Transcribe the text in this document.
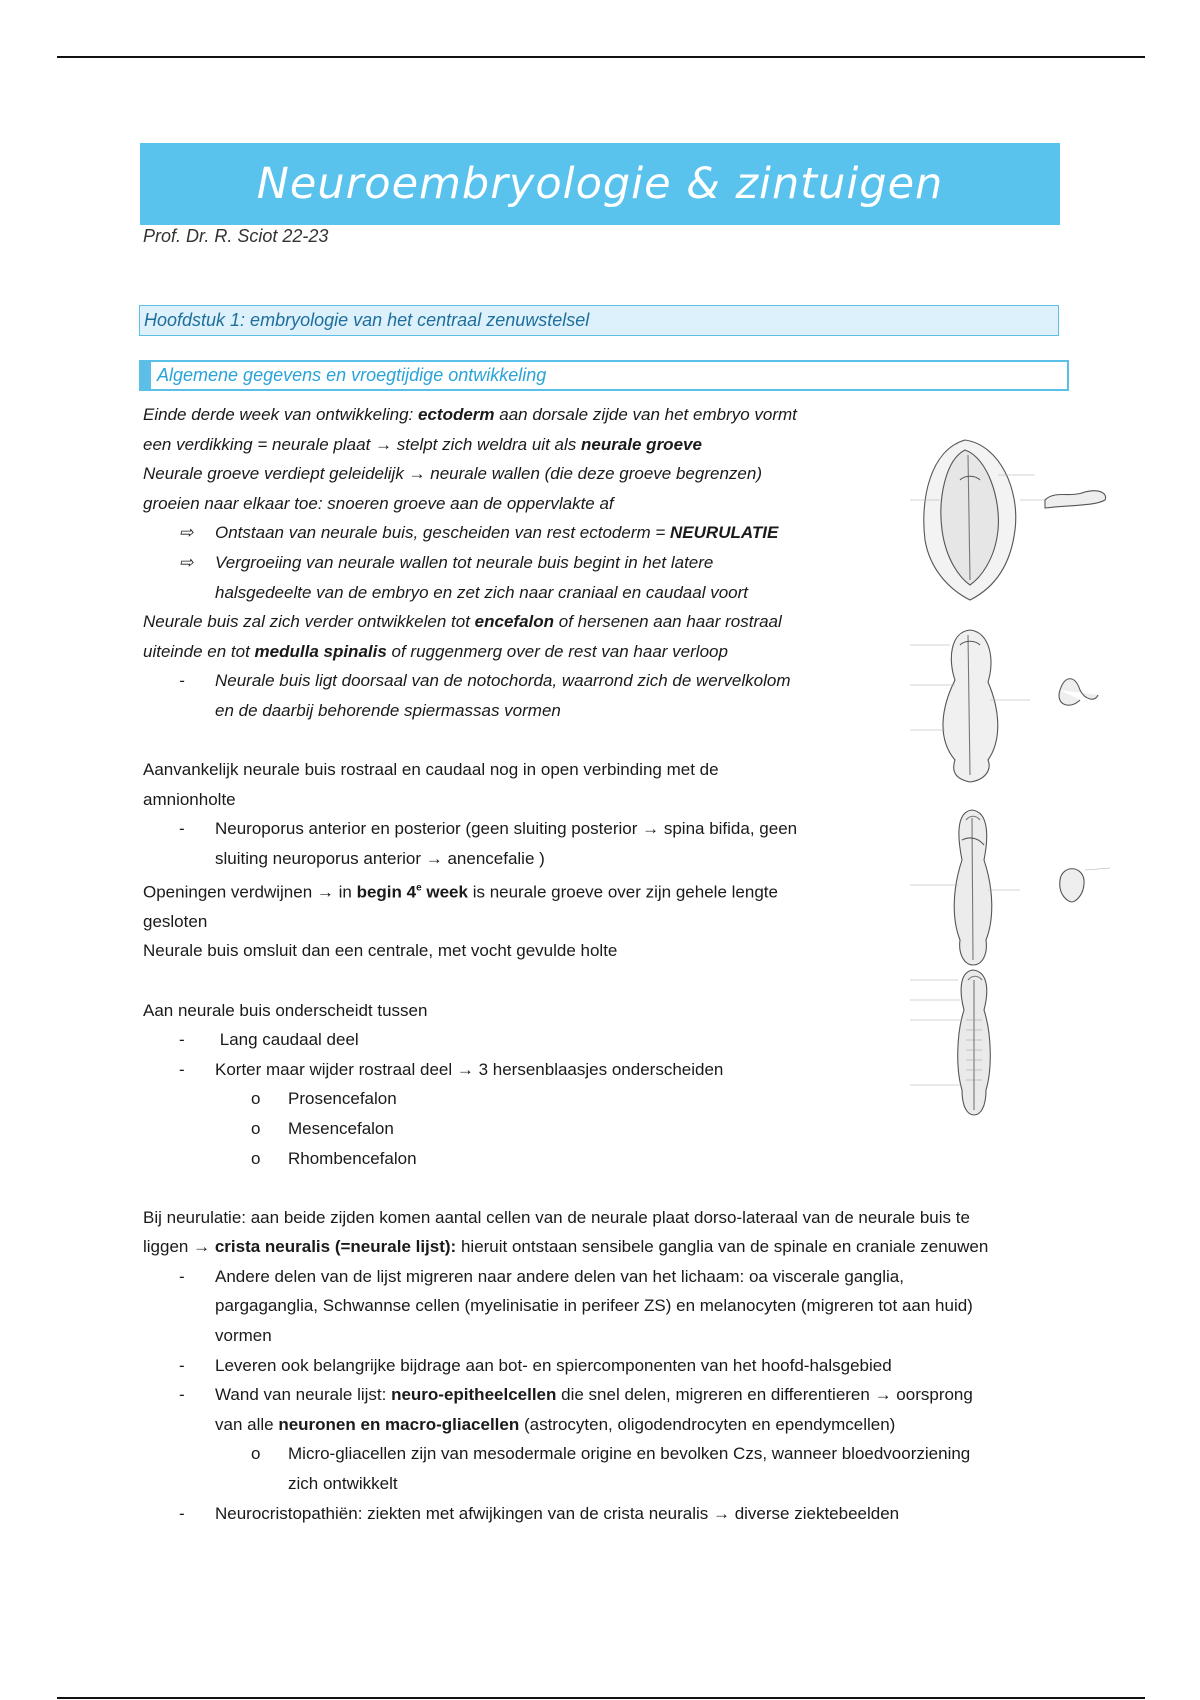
Neuroembryologie & zintuigen
Prof. Dr. R. Sciot 22-23
Hoofdstuk 1: embryologie van het centraal zenuwstelsel
Algemene gegevens en vroegtijdige ontwikkeling
Einde derde week van ontwikkeling: ectoderm aan dorsale zijde van het embryo vormt
een verdikking = neurale plaat → stelpt zich weldra uit als neurale groeve
Neurale groeve verdiept geleidelijk → neurale wallen (die deze groeve begrenzen)
groeien naar elkaar toe: snoeren groeve aan de oppervlakte af
⇨	Ontstaan van neurale buis, gescheiden van rest ectoderm = NEURULATIE
⇨	Vergroeiing van neurale wallen tot neurale buis begint in het latere
halsgedeelte van de embryo en zet zich naar craniaal en caudaal voort
Neurale buis zal zich verder ontwikkelen tot encefalon of hersenen aan haar rostraal
uiteinde en tot medulla spinalis of ruggenmerg over de rest van haar verloop
-	Neurale buis ligt doorsaal van de notochorda, waarrond zich de wervelkolom
en de daarbij behorende spiermassas vormen
Aanvankelijk neurale buis rostraal en caudaal nog in open verbinding met de
amnionholte
-	Neuroporus anterior en posterior (geen sluiting posterior → spina bifida, geen
sluiting neuroporus anterior → anencefalie )
Openingen verdwijnen → in begin 4e week is neurale groeve over zijn gehele lengte
gesloten
Neurale buis omsluit dan een centrale, met vocht gevulde holte
Aan neurale buis onderscheidt tussen
-	Lang caudaal deel
-	Korter maar wijder rostraal deel → 3 hersenblaasjes onderscheiden
o	Prosencefalon
o	Mesencefalon
o	Rhombencefalon
Bij neurulatie: aan beide zijden komen aantal cellen van de neurale plaat dorso-lateraal van de neurale buis te
liggen → crista neuralis (=neurale lijst): hieruit ontstaan sensibele ganglia van de spinale en craniale zenuwen
-	Andere delen van de lijst migreren naar andere delen van het lichaam: oa viscerale ganglia,
pargaganglia, Schwannse cellen (myelinisatie in perifeer ZS) en melanocyten (migreren tot aan huid)
vormen
-	Leveren ook belangrijke bijdrage aan bot- en spiercomponenten van het hoofd-halsgebied
-	Wand van neurale lijst: neuro-epitheelcellen die snel delen, migreren en differentieren → oorsprong
van alle neuronen en macro-gliacellen (astrocyten, oligodendrocyten en ependymcellen)
o	Micro-gliacellen zijn van mesodermale origine en bevolken Czs, wanneer bloedvoorziening
zich ontwikkelt
-	Neurocristopathiën: ziekten met afwijkingen van de crista neuralis → diverse ziektebeelden
